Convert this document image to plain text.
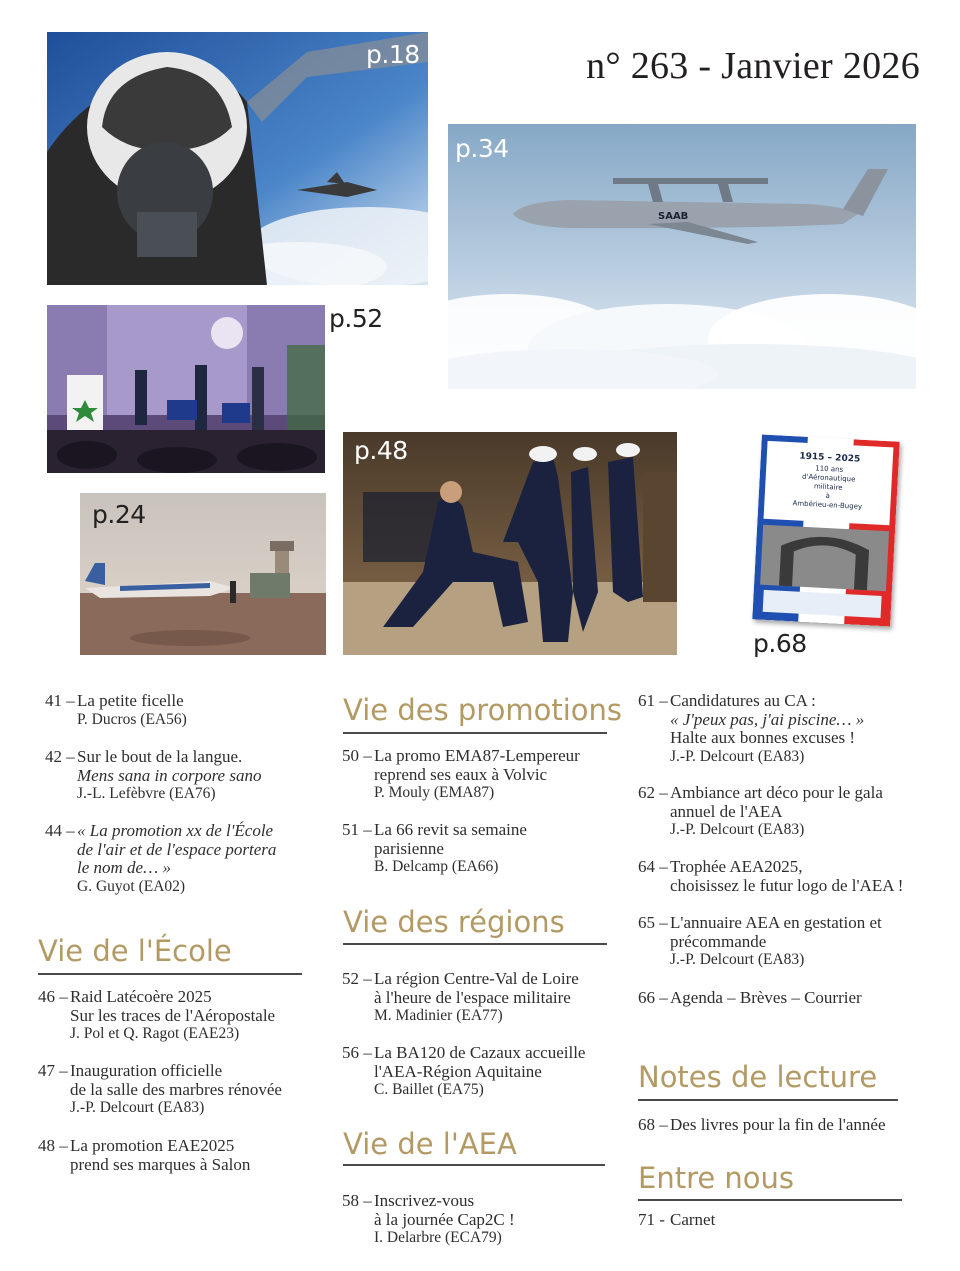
n° 263 - Janvier 2026
p.18
SAAB
p.34
p.52
p.48
p.24
1915 – 2025
110 ans
d'Aéronautique
militaire
à
Ambérieu-en-Bugey
p.68
41 – La petite ficelle
P. Ducros (EA56)
42 – Sur le bout de la langue.
Mens sana in corpore sano
J.-L. Lefèbvre (EA76)
44 – « La promotion xx de l'École
de l'air et de l'espace portera
le nom de… »
G. Guyot (EA02)
Vie de l'École
46 – Raid Latécoère 2025
Sur les traces de l'Aéropostale
J. Pol et Q. Ragot (EAE23)
47 – Inauguration officielle
de la salle des marbres rénovée
J.-P. Delcourt (EA83)
48 – La promotion EAE2025
prend ses marques à Salon
Vie des promotions
50 – La promo EMA87-Lempereur
reprend ses eaux à Volvic
P. Mouly (EMA87)
51 – La 66 revit sa semaine
parisienne
B. Delcamp (EA66)
Vie des régions
52 – La région Centre-Val de Loire
à l'heure de l'espace militaire
M. Madinier (EA77)
56 – La BA120 de Cazaux accueille
l'AEA-Région Aquitaine
C. Baillet (EA75)
Vie de l'AEA
58 – Inscrivez-vous
à la journée Cap2C !
I. Delarbre (ECA79)
61 – Candidatures au CA :
« J'peux pas, j'ai piscine… »
Halte aux bonnes excuses !
J.-P. Delcourt (EA83)
62 – Ambiance art déco pour le gala
annuel de l'AEA
J.-P. Delcourt (EA83)
64 – Trophée AEA2025,
choisissez le futur logo de l'AEA !
65 – L'annuaire AEA en gestation et
précommande
J.-P. Delcourt (EA83)
66 – Agenda – Brèves – Courrier
Notes de lecture
68 – Des livres pour la fin de l'année
Entre nous
71 - Carnet
